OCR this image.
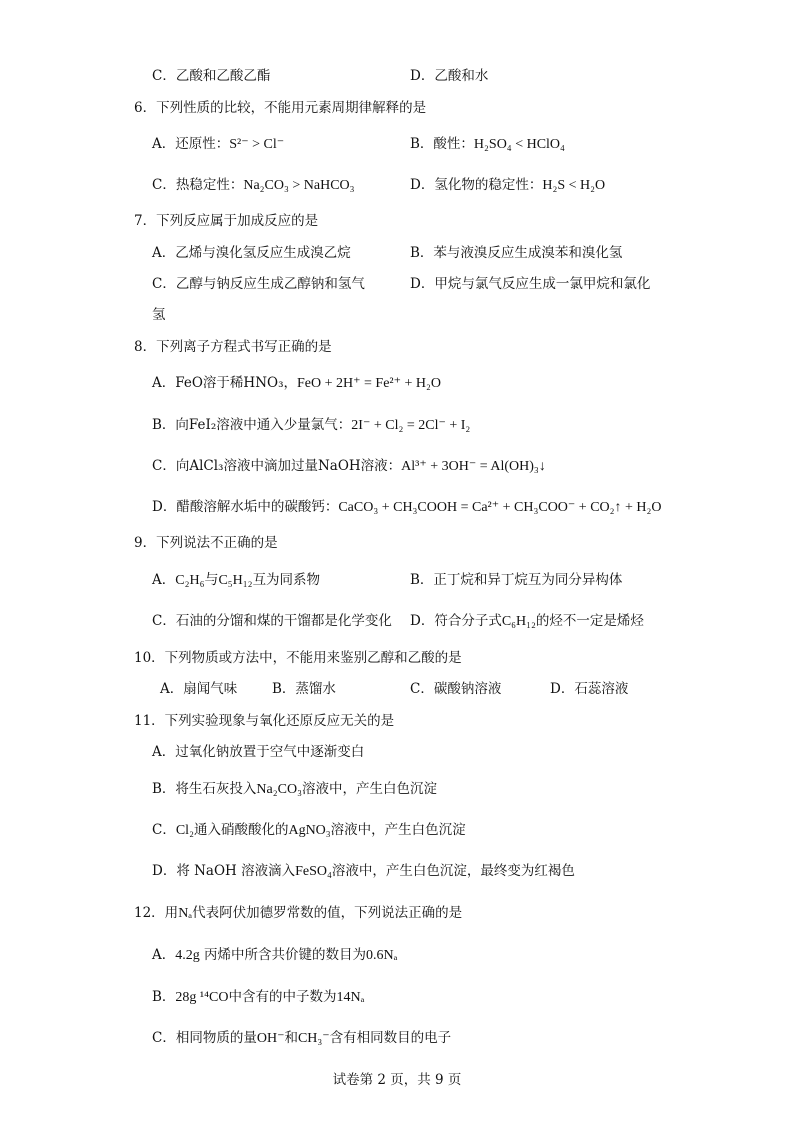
C．乙酸和乙酸乙酯	D．乙酸和水
6．下列性质的比较，不能用元素周期律解释的是
A．还原性：S²⁻ > Cl⁻	B．酸性：H₂SO₄ < HClO₄
C．热稳定性：Na₂CO₃ > NaHCO₃	D．氢化物的稳定性：H₂S < H₂O
7．下列反应属于加成反应的是
A．乙烯与溴化氢反应生成溴乙烷	B．苯与液溴反应生成溴苯和溴化氢
C．乙醇与钠反应生成乙醇钠和氢气	D．甲烷与氯气反应生成一氯甲烷和氯化
氢
8．下列离子方程式书写正确的是
A．FeO溶于稀HNO₃，FeO + 2H⁺ = Fe²⁺ + H₂O
B．向FeI₂溶液中通入少量氯气：2I⁻ + Cl₂ = 2Cl⁻ + I₂
C．向AlCl₃溶液中滴加过量NaOH溶液：Al³⁺ + 3OH⁻ = Al(OH)₃↓
D．醋酸溶解水垢中的碳酸钙：CaCO₃ + CH₃COOH = Ca²⁺ + CH₃COO⁻ + CO₂↑ + H₂O
9．下列说法不正确的是
A．C₂H₆与C₅H₁₂互为同系物	B．正丁烷和异丁烷互为同分异构体
C．石油的分馏和煤的干馏都是化学变化 D．符合分子式C₆H₁₂的烃不一定是烯烃
10．下列物质或方法中，不能用来鉴别乙醇和乙酸的是
A．扇闻气味	B．蒸馏水	C．碳酸钠溶液	D．石蕊溶液
11．下列实验现象与氧化还原反应无关的是
A．过氧化钠放置于空气中逐渐变白
B．将生石灰投入Na₂CO₃溶液中，产生白色沉淀
C．Cl₂通入硝酸酸化的AgNO₃溶液中，产生白色沉淀
D．将 NaOH 溶液滴入FeSO₄溶液中，产生白色沉淀，最终变为红褐色
12．用Nₐ代表阿伏加德罗常数的值，下列说法正确的是
A．4.2g 丙烯中所含共价键的数目为0.6Nₐ
B．28g ¹⁴CO中含有的中子数为14Nₐ
C．相同物质的量OH⁻和CH₃⁻含有相同数目的电子
试卷第 2 页，共 9 页
